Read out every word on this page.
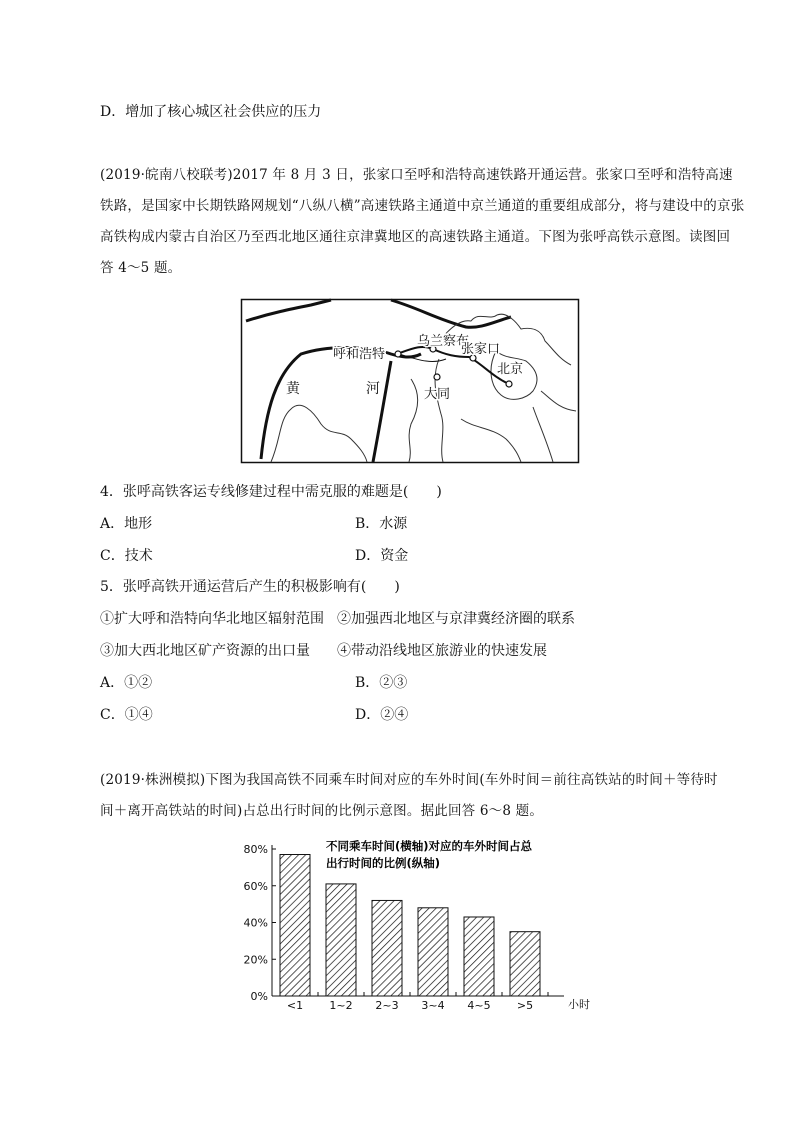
D．增加了核心城区社会供应的压力
(2019·皖南八校联考)2017 年 8 月 3 日，张家口至呼和浩特高速铁路开通运营。张家口至呼和浩特高速
铁路，是国家中长期铁路网规划“八纵八横”高速铁路主通道中京兰通道的重要组成部分，将与建设中的京张
高铁构成内蒙古自治区乃至西北地区通往京津冀地区的高速铁路主通道。下图为张呼高铁示意图。读图回
答 4～5 题。
乌兰察布
呼和浩特	张家口
北京
大同
黄	河
4．张呼高铁客运专线修建过程中需克服的难题是(　　)
A．地形	B．水源
C．技术	D．资金
5．张呼高铁开通运营后产生的积极影响有(　　)
①扩大呼和浩特向华北地区辐射范围 ②加强西北地区与京津冀经济圈的联系
③加大西北地区矿产资源的出口量 ④带动沿线地区旅游业的快速发展
A．①②	B．②③
C．①④	D．②④
(2019·株洲模拟)下图为我国高铁不同乘车时间对应的车外时间(车外时间＝前往高铁站的时间＋等待时
间＋离开高铁站的时间)占总出行时间的比例示意图。据此回答 6～8 题。
不同乘车时间(横轴)对应的车外时间占总
出行时间的比例(纵轴)
0%
20%
40%
60%
80%
<1 1~2 2~3 3~4 4~5 >5	小时
